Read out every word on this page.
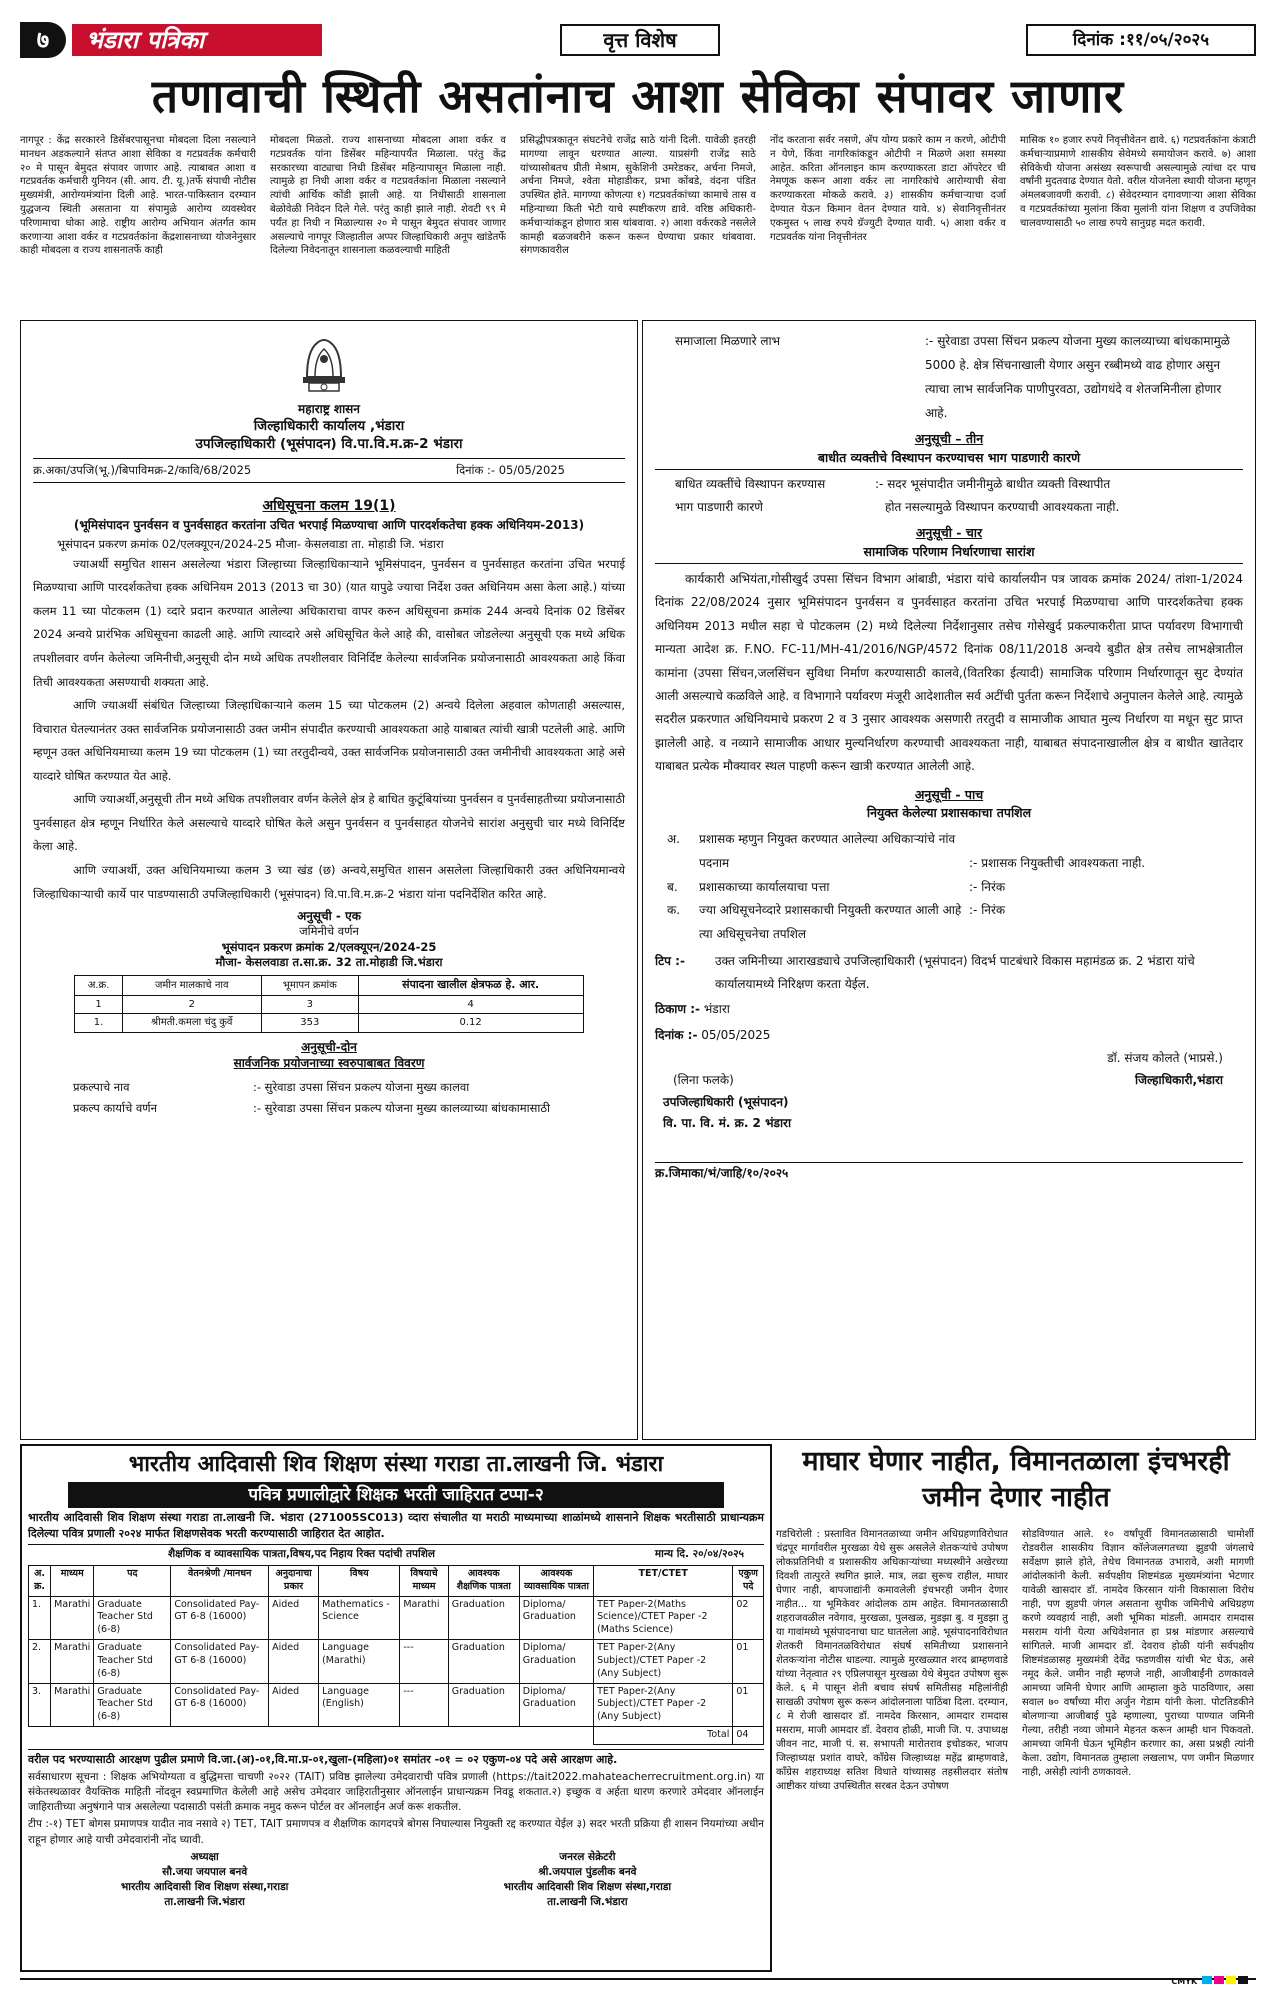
७	भंडारा पत्रिका	वृत्त विशेष	दिनांक :११/०५/२०२५
तणावाची स्थिती असतांनाच आशा सेविका संपावर जाणार
नागपूर : केंद्र सरकारने डिसेंबरपासूनचा मोबदला दिला नसल्याने मानधन अडकल्याने संतप्त आशा सेविका व गटप्रवर्तक कर्मचारी २० मे पासून बेमुदत संपावर जाणार आहे. त्याबाबत आशा व गटप्रवर्तक कर्मचारी युनियन (सी. आय. टी. यू.)तर्फे संपाची नोटीस मुख्यमंत्री, आरोग्यमंत्र्यांना दिली आहे. भारत-पाकिस्तान दरम्यान युद्धजन्य स्थिती असताना या संपामुळे आरोग्य व्यवस्थेवर परिणामाचा धोका आहे. राष्ट्रीय आरोग्य अभियान अंतर्गत काम करणाऱ्या आशा वर्कर व गटप्रवर्तकांना केंद्रशासनाच्या योजनेनुसार काही मोबदला व राज्य शासनातर्फे काही
मोबदला मिळतो. राज्य शासनाच्या मोबदला आशा वर्कर व गटप्रवर्तक यांना डिसेंबर महिन्यापर्यंत मिळाला. परंतु केंद्र सरकारच्या वाट्याचा निधी डिसेंबर महिन्यापासून मिळाला नाही. त्यामुळे हा निधी आशा वर्कर व गटप्रवर्तकांना मिळाला नसल्याने त्यांची आर्थिक कोंडी झाली आहे. या निधीसाठी शासनाला बेळोवेळी निवेदन दिले गेले. परंतु काही झाले नाही. शेवटी ९९ मे पर्यंत हा निधी न मिळाल्यास २० मे पासून बेमुदत संपावर जाणार असल्याचे नागपूर जिल्हातील अप्पर जिल्हाधिकारी अनूप खांडेतर्फे दिलेल्या निवेदनातून शासनाला कळवल्याची माहिती
प्रसिद्धीपत्रकातून संघटनेचे राजेंद्र साठे यांनी दिली. यावेळी इतरही मागण्या लावून धरण्यात आल्या. याप्रसंगी राजेंद्र साठे यांच्यासोबतच प्रीती मेश्राम, सुकेशिनी उमरेडकर, अर्चना निमजे, अर्चना निमजे, श्वेता मोहाडीकर, प्रभा कोंबडे, वंदना पंडित उपस्थित होते. मागण्या कोणत्या १) गटप्रवर्तकांच्या कामाचे तास व महिन्याच्या किती भेटी याचे स्पष्टीकरण द्यावे. वरिष्ठ अधिकारी-कर्मचाऱ्यांकडून होणारा त्रास थांबवावा. २) आशा वर्करकडे नसलेले कामही बळजबरीने करून करून घेण्याचा प्रकार थांबवावा. संगणकावरील
नोंद करताना सर्वर नसणे, ॲप योग्य प्रकारे काम न करणे, ओटीपी न येणे, किंवा नागरिकांकडून ओटीपी न मिळणे अशा समस्या आहेत. करिता ऑनलाइन काम करण्याकरता डाटा ऑपरेटर ची नेमणूक करून आशा वर्कर ला नागरिकांचे आरोग्याची सेवा करण्याकरता मोकळे करावे. ३) शासकीय कर्मचाऱ्याचा दर्जा देण्यात येऊन किमान वेतन देण्यात यावे. ४) सेवानिवृत्तीनंतर एकमुस्त ५ लाख रुपये ग्रॅज्युटी देण्यात यावी. ५) आशा वर्कर व गटप्रवर्तक यांना निवृत्तीनंतर
मासिक १० हजार रुपये निवृत्तीवेतन द्यावे. ६) गटप्रवर्तकांना कंत्राटी कर्मचाऱ्याप्रमाणे शासकीय सेवेमध्ये समायोजन करावे. ७) आशा सेविकेची योजना असंख्य स्वरूपाची असल्यामुळे त्यांचा दर पाच वर्षांनी मुदतवाढ देण्यात येतो. वरील योजनेला स्थायी योजना म्हणून अंमलबजावणी करावी. ८) सेवेदरम्यान दगावणाऱ्या आशा सेविका व गटप्रवर्तकांच्या मुलांना किंवा मुलांनी यांना शिक्षण व उपजिवेका चालवण्यासाठी ५० लाख रुपये सानुग्रह मदत करावी.
महाराष्ट्र शासन
जिल्हाधिकारी कार्यालय ,भंडारा
उपजिल्हाधिकारी (भूसंपादन) वि.पा.वि.म.क्र-2 भंडारा
क्र.अका/उपजि(भू.)/बिपाविमक्र-2/कावि/68/2025	दिनांक :- 05/05/2025
अधिसूचना कलम 19(1)
(भूमिसंपादन पुनर्वसन व पुनर्वसाहत करतांना उचित भरपाई मिळण्याचा आणि पारदर्शकतेचा हक्क अधिनियम-2013)
भूसंपादन प्रकरण क्रमांक 02/एलक्यूएन/2024-25 मौजा- केसलवाडा ता. मोहाडी जि. भंडारा
ज्याअर्थी समुचित शासन असलेल्या भंडारा जिल्हाच्या जिल्हाधिकाऱ्याने भूमिसंपादन, पुनर्वसन व पुनर्वसाहत करतांना उचित भरपाई मिळण्याचा आणि पारदर्शकतेचा हक्क अधिनियम 2013 (2013 चा 30) (यात यापुढे ज्याचा निर्देश उक्त अधिनियम असा केला आहे.) यांच्या कलम 11 च्या पोटकलम (1) व्दारे प्रदान करण्यात आलेल्या अधिकाराचा वापर करुन अधिसूचना क्रमांक 244 अन्वये दिनांक 02 डिसेंबर 2024 अन्वये प्रारंभिक अधिसूचना काढली आहे. आणि त्याव्दारे असे अधिसूचित केले आहे की, वासोबत जोडलेल्या अनुसूची एक मध्ये अधिक तपशीलवार वर्णन केलेल्या जमिनीची,अनुसूची दोन मध्ये अधिक तपशीलवार विनिर्दिष्ट केलेल्या सार्वजनिक प्रयोजनासाठी आवश्यकता आहे किंवा तिची आवश्यकता असण्याची शक्यता आहे.
आणि ज्याअर्थी संबंधित जिल्हाच्या जिल्हाधिकाऱ्याने कलम 15 च्या पोटकलम (2) अन्वये दिलेला अहवाल कोणताही असल्यास, विचारात घेतल्यानंतर उक्त सार्वजनिक प्रयोजनासाठी उक्त जमीन संपादीत करण्याची आवश्यकता आहे याबाबत त्यांची खात्री पटलेली आहे. आणि म्हणून उक्त अधिनियमाच्या कलम 19 च्या पोटकलम (1) च्या तरतुदीन्वये, उक्त सार्वजनिक प्रयोजनासाठी उक्त जमीनीची आवश्यकता आहे असे याव्दारे घोषित करण्यात येत आहे.
आणि ज्याअर्थी,अनुसूची तीन मध्ये अधिक तपशीलवार वर्णन केलेले क्षेत्र हे बाधित कुटूंबियांच्या पुनर्वसन व पुनर्वसाहतीच्या प्रयोजनासाठी पुनर्वसाहत क्षेत्र म्हणून निर्धारित केले असल्याचे याव्दारे घोषित केले असुन पुनर्वसन व पुनर्वसाहत योजनेचे सारांश अनुसुची चार मध्ये विनिर्दिष्ट केला आहे.
आणि ज्याअर्थी, उक्त अधिनियमाच्या कलम 3 च्या खंड (छ) अन्वये,समुचित शासन असलेला जिल्हाधिकारी उक्त अधिनियमान्वये जिल्हाधिकाऱ्याची कार्ये पार पाडण्यासाठी उपजिल्हाधिकारी (भूसंपादन) वि.पा.वि.म.क्र-2 भंडारा यांना पदनिर्देशित करित आहे.
अनुसूची - एक
जमिनीचे वर्णन
भूसंपादन प्रकरण क्रमांक 2/एलक्यूएन/2024-25
मौजा- केसलवाडा त.सा.क्र. 32 ता.मोहाडी जि.भंडारा
अ.क्र.	जमीन मालकाचे नाव	भूमापन क्रमांक	संपादना खालील क्षेत्रफळ हे. आर.
1	2	3	4
1.	श्रीमती.कमला चंदु कुर्वे	353	0.12
अनुसूची-दोन
सार्वजनिक प्रयोजनाच्या स्वरुपाबाबत विवरण
प्रकल्पाचे नाव	:- सुरेवाडा उपसा सिंचन प्रकल्प योजना मुख्य कालवा
प्रकल्प कार्याचे वर्णन	:- सुरेवाडा उपसा सिंचन प्रकल्प योजना मुख्य कालव्याच्या बांधकामासाठी
समाजाला मिळणारे लाभ	:- सुरेवाडा उपसा सिंचन प्रकल्प योजना मुख्य कालव्याच्या बांधकामामुळे 5000 हे. क्षेत्र सिंचनाखाली येणार असुन रब्बीमध्ये वाढ होणार असुन त्याचा लाभ सार्वजनिक पाणीपुरवठा, उद्योगधंदे व शेतजमिनीला होणार आहे.
अनुसूची – तीन
बाधीत व्यक्तीचे विस्थापन करण्याचस भाग पाडणारी कारणे
बाधित व्यक्तींचे विस्थापन करण्यास	:- सदर भूसंपादीत जमीनीमुळे बाधीत व्यक्ती विस्थापीत
भाग पाडणारी कारणे	होत नसल्यामुळे विस्थापन करण्याची आवश्यकता नाही.
अनुसूची - चार
सामाजिक परिणाम निर्धारणाचा सारांश
कार्यकारी अभियंता,गोसीखुर्द उपसा सिंचन विभाग आंबाडी, भंडारा यांचे कार्यालयीन पत्र जावक क्रमांक 2024/ तांशा-1/2024 दिनांक 22/08/2024 नुसार भूमिसंपादन पुनर्वसन व पुनर्वसाहत करतांना उचित भरपाई मिळण्याचा आणि पारदर्शकतेचा हक्क अधिनियम 2013 मधील सहा चे पोटकलम (2) मध्ये दिलेल्या निर्देशानुसार तसेच गोसेखुर्द प्रकल्पाकरीता प्राप्त पर्यावरण विभागाची मान्यता आदेश क्र. F.NO. FC-11/MH-41/2016/NGP/4572 दिनांक 08/11/2018 अन्वये बुडीत क्षेत्र तसेच लाभक्षेत्रातील कामांना (उपसा सिंचन,जलसिंचन सुविधा निर्माण करण्यासाठी कालवे,(वितरिका ईत्यादी) सामाजिक परिणाम निर्धारणातून सुट देण्यांत आली असल्याचे कळविले आहे. व विभागाने पर्यावरण मंजूरी आदेशातील सर्व अटींची पुर्तता करून निर्देशाचे अनुपालन केलेले आहे. त्यामुळे सदरील प्रकरणात अधिनियमाचे प्रकरण 2 व 3 नुसार आवश्यक असणारी तरतुदी व सामाजीक आघात मुल्य निर्धारण या मधून सुट प्राप्त झालेली आहे. व नव्याने सामाजीक आधार मुल्यनिर्धारण करण्याची आवश्यकता नाही, याबाबत संपादनाखालील क्षेत्र व बाधीत खातेदार याबाबत प्रत्येक मौक्यावर स्थल पाहणी करून खात्री करण्यात आलेली आहे.
अनुसूची - पाच
नियुक्त केलेल्या प्रशासकाचा तपशिल
अ.	प्रशासक म्हणुन नियुक्त करण्यात आलेल्या अधिकाऱ्यांचे नांव पदनाम	:- प्रशासक नियुक्तीची आवश्यकता नाही.
ब.	प्रशासकाच्या कार्यालयाचा पत्ता	:- निरंक
क.	ज्या अधिसूचनेव्दारे प्रशासकाची नियुक्ती करण्यात आली आहे त्या अधिसूचनेचा तपशिल
:- निरंक
टिप :-	उक्त जमिनीच्या आराखड्याचे उपजिल्हाधिकारी (भूसंपादन) विदर्भ पाटबंधारे विकास महामंडळ क्र. 2 भंडारा यांचे कार्यालयामध्ये निरिक्षण करता येईल.
ठिकाण :- भंडारा
दिनांक :- 05/05/2025
डॉ. संजय कोलते (भाप्रसे.)
जिल्हाधिकारी,भंडारा
(लिना फलके)
उपजिल्हाधिकारी (भूसंपादन)
वि. पा. वि. मं. क्र. 2 भंडारा
क्र.जिमाका/भं/जाहि/१०/२०२५
भारतीय आदिवासी शिव शिक्षण संस्था गराडा ता.लाखनी जि. भंडारा
पवित्र प्रणालीद्वारे शिक्षक भरती जाहिरात टप्पा-२
भारतीय आदिवासी शिव शिक्षण संस्था गराडा ता.लाखनी जि. भंडारा (271005SC013) व्दारा संचालीत या मराठी माध्यमाच्या शाळांमध्ये शासनाने शिक्षक भरतीसाठी प्राधान्यक्रम दिलेल्या पवित्र प्रणाली २०२४ मार्फत शिक्षणसेवक भरती करण्यासाठी जाहिरात देत आहोत.
शैक्षणिक व व्यावसायिक पात्रता,विषय,पद निहाय रिक्त पदांची तपशिल	मान्य दि. २०/०४/२०२५
अ. क्र.	माध्यम	पद	वेतनश्रेणी /मानधन	अनुदानाचा प्रकार	विषय	विषयाचे माध्यम	आवश्यक शैक्षणिक पात्रता	आवश्यक व्यावसायिक पात्रता	TET/CTET	एकुण पदे
1.	Marathi	Graduate Teacher Std (6-8)	Consolidated Pay-GT 6-8 (16000)	Aided	Mathematics -Science	Marathi	Graduation	Diploma/ Graduation	TET Paper-2(Maths Science)/CTET Paper -2 (Maths Science)	02
2.	Marathi	Graduate Teacher Std (6-8)	Consolidated Pay-GT 6-8 (16000)	Aided	Language (Marathi)	---	Graduation	Diploma/ Graduation	TET Paper-2(Any Subject)/CTET Paper -2 (Any Subject)	01
3.	Marathi	Graduate Teacher Std (6-8)	Consolidated Pay-GT 6-8 (16000)	Aided	Language (English)	---	Graduation	Diploma/ Graduation	TET Paper-2(Any Subject)/CTET Paper -2 (Any Subject)	01
									Total	04
वरील पद भरण्यासाठी आरक्षण पुढील प्रमाणे वि.जा.(अ)-०१,वि.मा.प्र-०१,खुला-(महिला)०१ समांतर -०१ = ०२ एकुण-०४ पदे असे आरक्षण आहे.
सर्वसाधारण सूचना : शिक्षक अभियोग्यता व बुद्धिमत्ता चाचणी २०२२ (TAIT) प्रविष्ठ झालेल्या उमेदवाराची पवित्र प्रणाली (https://tait2022.mahateacherrecruitment.org.in) या संकेतस्थळावर वैयक्तिक माहिती नोंदवून स्वप्रमाणित केलेली आहे असेच उमेदवार जाहिरातीनुसार ऑनलाईन प्राधान्यक्रम निवडू शकतात.२) इच्छुक व अर्हता धारण करणारे उमेदवार ऑनलाईन जाहिरातीच्या अनुषंगाने पात्र असलेल्या पदासाठी पसंती क्रमाक नमुद करून पोर्टल वर ऑनलाईन अर्ज करू शकतील.
टीप :-१) TET बोगस प्रमाणपत्र यादीत नाव नसावे २) TET, TAIT प्रमाणपत्र व शैक्षणिक कागदपत्रे बोगस निघाल्यास नियुक्ती रद्द करण्यात येईल ३) सदर भरती प्रक्रिया ही शासन नियमांच्या अधीन राहून होणार आहे याची उमेदवारांनी नोंद घ्यावी.
अध्यक्षा
सौ.जया जयपाल बनवे
भारतीय आदिवासी शिव शिक्षण संस्था,गराडा
ता.लाखनी जि.भंडारा
जनरल सेक्रेटरी
श्री.जयपाल पुंडलीक बनवे
भारतीय आदिवासी शिव शिक्षण संस्था,गराडा
ता.लाखनी जि.भंडारा
माघार घेणार नाहीत, विमानतळाला इंचभरही जमीन देणार नाहीत
गडचिरोली : प्रस्तावित विमानतळाच्या जमीन अधिग्रहणाविरोधात चंद्रपूर मार्गावरील मुरखळा येथे सुरू असलेले शेतकऱ्यांचे उपोषण लोकप्रतिनिधी व प्रशासकीय अधिकाऱ्यांच्या मध्यस्थीने अखेरच्या दिवशी तात्पुरते स्थगित झाले. मात्र, लढा सुरूच राहील, माघार घेणार नाही, बापजाद्यांनी कमावलेली इंचभरही जमीन देणार नाहीत... या भूमिकेवर आंदोलक ठाम आहेत. विमानतळासाठी शहराजवळील नवेगाव, मुरखळा, पुलखळ, मुडझा बु. व मुडझा तु या गावांमध्ये भूसंपादनाचा घाट घातलेला आहे. भूसंपादनाविरोधात शेतकरी विमानतळविरोधात संघर्ष समितीच्या प्रशासनाने शेतकऱ्यांना नोटीस धाडल्या. त्यामुळे मुरखळ्यात शरद ब्राम्हणवाडे यांच्या नेतृत्वात २९ एप्रिलपासून मुरखळा येथे बेमुदत उपोषण सुरू केले. ६ मे पासून शेती बचाव संघर्ष समितीसह महिलांनीही साखळी उपोषण सुरू करून आंदोलनाला पाठिंबा दिला. दरम्यान, ८ मे रोजी खासदार डॉ. नामदेव किरसान, आमदार रामदास मसराम, माजी आमदार डॉ. देवराव होळी, माजी जि. प. उपाध्यक्ष जीवन नाट, माजी पं. स. सभापती मारोतराव इचोडकर, भाजप जिल्हाध्यक्ष प्रशांत वाघरे, काँग्रेस जिल्हाध्यक्ष महेंद्र ब्राम्हणवाडे, काँग्रेस शहराध्यक्ष सतिश विधाते यांच्यासह तहसीलदार संतोष आष्टीकर यांच्या उपस्थितीत सरबत देऊन उपोषण
सोडविण्यात आले. १० वर्षांपूर्वी विमानतळासाठी चामोर्शी रोडवरील शासकीय विज्ञान कॉलेजलगतच्या झुडपी जंगलाचे सर्वेक्षण झाले होते, तेथेच विमानतळ उभारावे, अशी मागणी आंदोलकांनी केली. सर्वपक्षीय शिष्टमंडळ मुख्यमंत्र्यांना भेटणार यावेळी खासदार डॉ. नामदेव किरसान यांनी विकासाला विरोध नाही, पण झुडपी जंगल असताना सुपीक जमिनीचे अधिग्रहण करणे व्यवहार्य नाही, अशी भूमिका मांडली. आमदार रामदास मसराम यांनी येत्या अधिवेशनात हा प्रश्न मांडणार असल्याचे सांगितले. माजी आमदार डॉ. देवराव होळी यांनी सर्वपक्षीय शिष्टमंडळासह मुख्यमंत्री देवेंद्र फडणवीस यांची भेट घेऊ, असे नमूद केले. जमीन नाही म्हणजे नाही, आजीबाईंनी ठणकावले आमच्या जमिनी घेणार आणि आम्हाला कुठे पाठविणार, असा सवाल ७० वर्षांच्या मीरा अर्जुन गेडाम यांनी केला. पोटतिडकीने बोलणाऱ्या आजीबाई पुढे म्हणाल्या, पुराच्या पाण्यात जमिनी गेल्या, तरीही नव्या जोमाने मेहनत करून आम्ही धान पिकवतो. आमच्या जमिनी घेऊन भूमिहीन करणार का, असा प्रश्नही त्यांनी केला. उद्योग, विमानतळ तुम्हाला लखलाभ, पण जमीन मिळणार नाही, असेही त्यांनी ठणकावले.
CMYK
